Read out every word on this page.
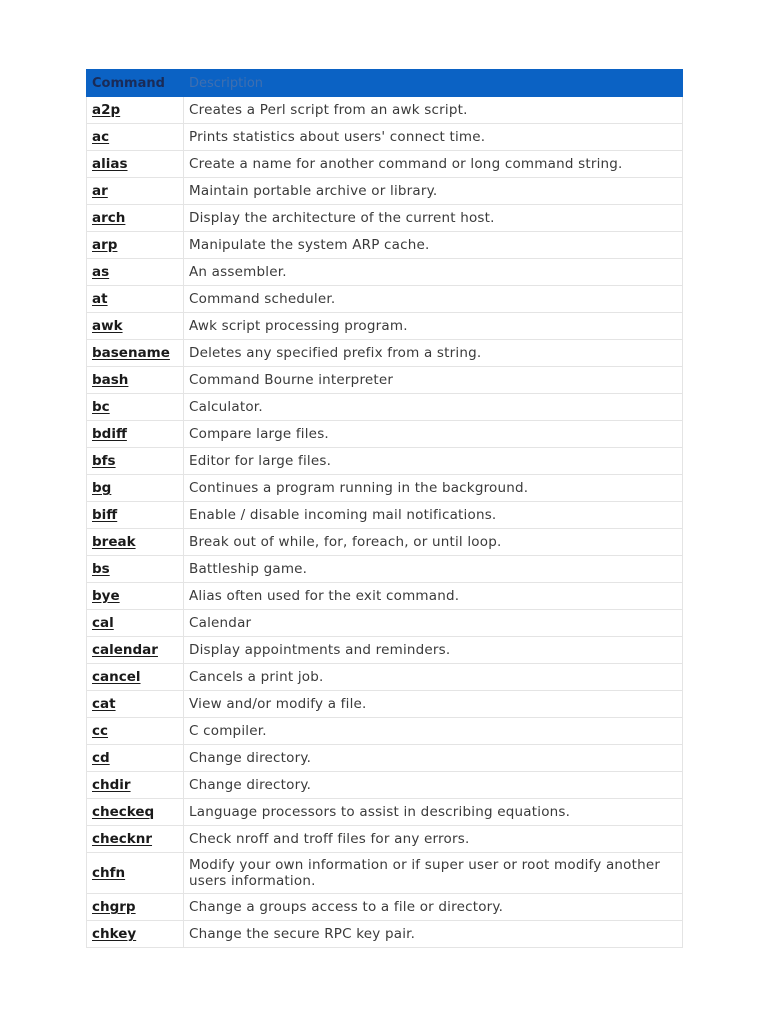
Command	Description
a2p	Creates a Perl script from an awk script.
ac	Prints statistics about users' connect time.
alias	Create a name for another command or long command string.
ar	Maintain portable archive or library.
arch	Display the architecture of the current host.
arp	Manipulate the system ARP cache.
as	An assembler.
at	Command scheduler.
awk	Awk script processing program.
basename	Deletes any specified prefix from a string.
bash	Command Bourne interpreter
bc	Calculator.
bdiff	Compare large files.
bfs	Editor for large files.
bg	Continues a program running in the background.
biff	Enable / disable incoming mail notifications.
break	Break out of while, for, foreach, or until loop.
bs	Battleship game.
bye	Alias often used for the exit command.
cal	Calendar
calendar	Display appointments and reminders.
cancel	Cancels a print job.
cat	View and/or modify a file.
cc	C compiler.
cd	Change directory.
chdir	Change directory.
checkeq	Language processors to assist in describing equations.
checknr	Check nroff and troff files for any errors.
chfn	Modify your own information or if super user or root modify another users information.
chgrp	Change a groups access to a file or directory.
chkey	Change the secure RPC key pair.
